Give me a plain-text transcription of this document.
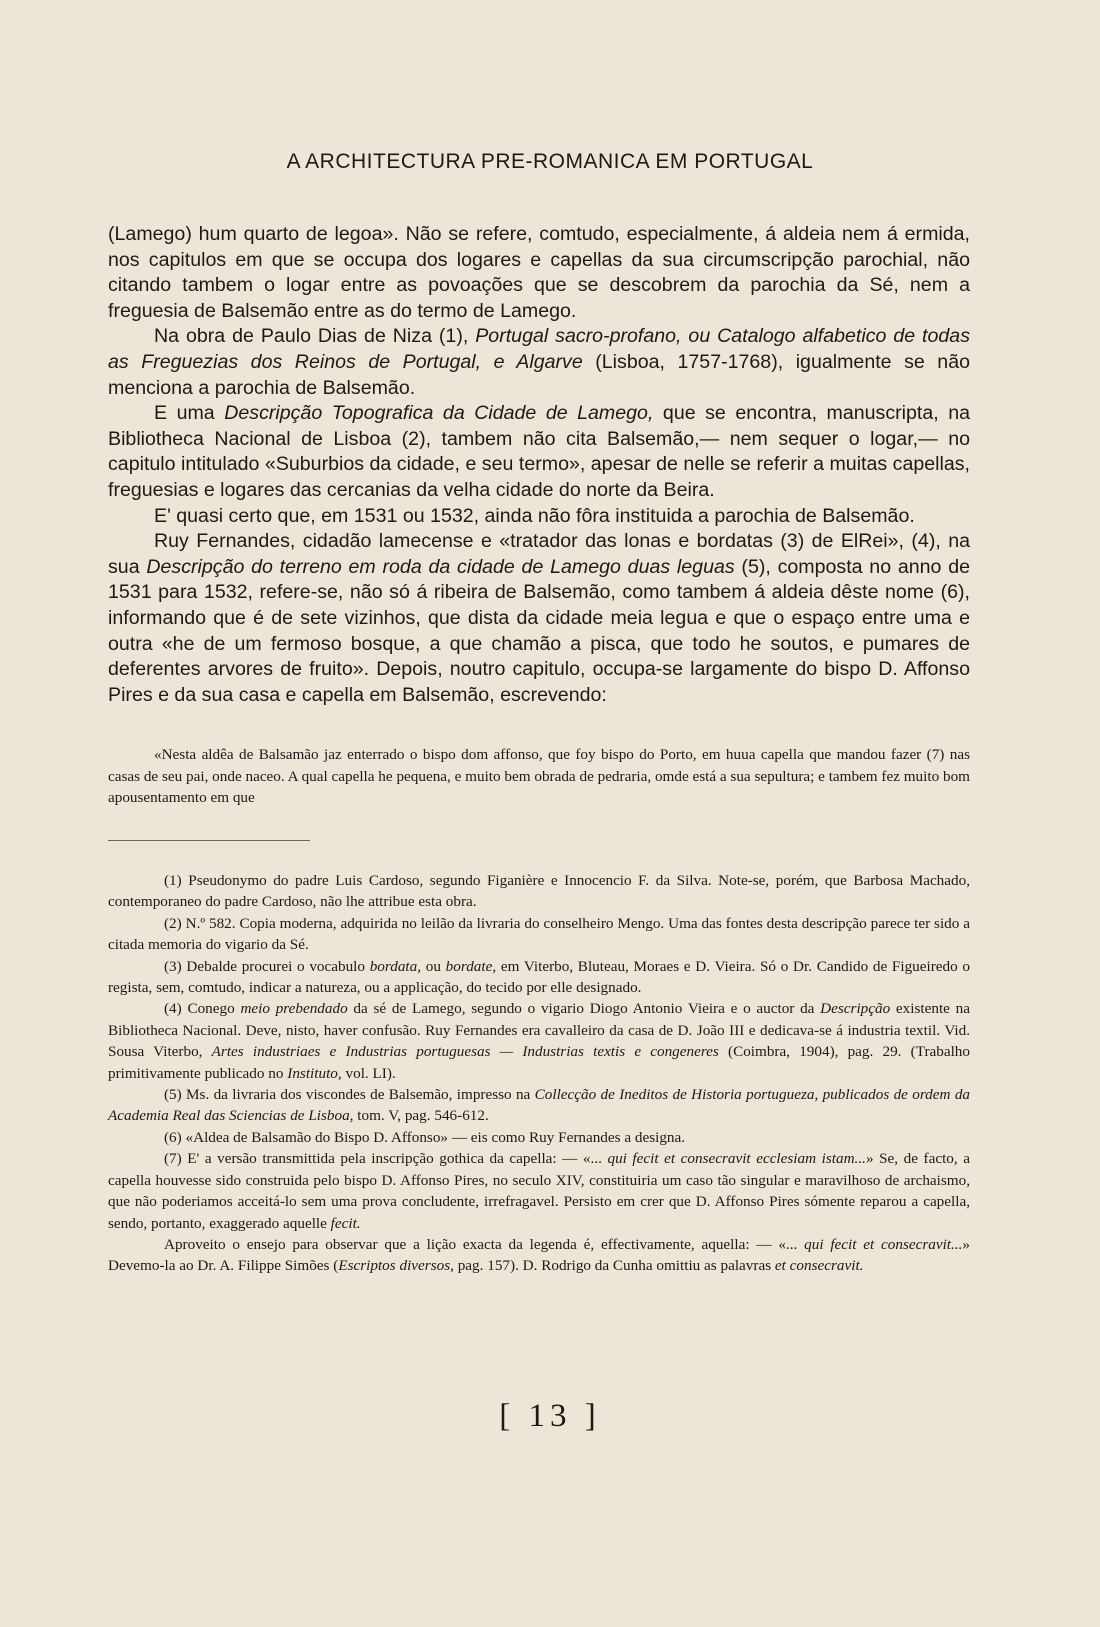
A ARCHITECTURA PRE-ROMANICA EM PORTUGAL

(Lamego) hum quarto de legoa». Não se refere, comtudo, especialmente, á aldeia nem á ermida, nos capitulos em que se occupa dos logares e capellas da sua circumscripção parochial, não citando tambem o logar entre as povoações que se descobrem da parochia da Sé, nem a freguesia de Balsemão entre as do termo de Lamego.

Na obra de Paulo Dias de Niza (1), Portugal sacro-profano, ou Catalogo alfabetico de todas as Freguezias dos Reinos de Portugal, e Algarve (Lisboa, 1757-1768), igualmente se não menciona a parochia de Balsemão.

E uma Descripção Topografica da Cidade de Lamego, que se encontra, manuscripta, na Bibliotheca Nacional de Lisboa (2), tambem não cita Balsemão,— nem sequer o logar,— no capitulo intitulado «Suburbios da cidade, e seu termo», apesar de nelle se referir a muitas capellas, freguesias e logares das cercanias da velha cidade do norte da Beira.

E' quasi certo que, em 1531 ou 1532, ainda não fôra instituida a parochia de Balsemão.

Ruy Fernandes, cidadão lamecense e «tratador das lonas e bordatas (3) de ElRei», (4), na sua Descripção do terreno em roda da cidade de Lamego duas leguas (5), composta no anno de 1531 para 1532, refere-se, não só á ribeira de Balsemão, como tambem á aldeia dêste nome (6), informando que é de sete vizinhos, que dista da cidade meia legua e que o espaço entre uma e outra «he de um fermoso bosque, a que chamão a pisca, que todo he soutos, e pumares de deferentes arvores de fruito». Depois, noutro capitulo, occupa-se largamente do bispo D. Affonso Pires e da sua casa e capella em Balsemão, escrevendo:

«Nesta aldêa de Balsamão jaz enterrado o bispo dom affonso, que foy bispo do Porto, em huua capella que mandou fazer (7) nas casas de seu pai, onde naceo. A qual capella he pequena, e muito bem obrada de pedraria, omde está a sua sepultura; e tambem fez muito bom apousentamento em que

(1) Pseudonymo do padre Luis Cardoso, segundo Figanière e Innocencio F. da Silva. Note-se, porém, que Barbosa Machado, contemporaneo do padre Cardoso, não lhe attribue esta obra.

(2) N.º 582. Copia moderna, adquirida no leilão da livraria do conselheiro Mengo. Uma das fontes desta descripção parece ter sido a citada memoria do vigario da Sé.

(3) Debalde procurei o vocabulo bordata, ou bordate, em Viterbo, Bluteau, Moraes e D. Vieira. Só o Dr. Candido de Figueiredo o regista, sem, comtudo, indicar a natureza, ou a applicação, do tecido por elle designado.

(4) Conego meio prebendado da sé de Lamego, segundo o vigario Diogo Antonio Vieira e o auctor da Descripção existente na Bibliotheca Nacional. Deve, nisto, haver confusão. Ruy Fernandes era cavalleiro da casa de D. João III e dedicava-se á industria textil. Vid. Sousa Viterbo, Artes industriaes e Industrias portuguesas — Industrias textis e congeneres (Coimbra, 1904), pag. 29. (Trabalho primitivamente publicado no Instituto, vol. LI).

(5) Ms. da livraria dos viscondes de Balsemão, impresso na Collecção de Ineditos de Historia portugueza, publicados de ordem da Academia Real das Sciencias de Lisboa, tom. V, pag. 546-612.

(6) «Aldea de Balsamão do Bispo D. Affonso» — eis como Ruy Fernandes a designa.

(7) E' a versão transmittida pela inscripção gothica da capella: — «... qui fecit et consecravit ecclesiam istam...» Se, de facto, a capella houvesse sido construida pelo bispo D. Affonso Pires, no seculo XIV, constituiria um caso tão singular e maravilhoso de archaismo, que não poderiamos acceitá-lo sem uma prova concludente, irrefragavel. Persisto em crer que D. Affonso Pires sómente reparou a capella, sendo, portanto, exaggerado aquelle fecit.

Aproveito o ensejo para observar que a lição exacta da legenda é, effectivamente, aquella: — «... qui fecit et consecravit...» Devemo-la ao Dr. A. Filippe Simões (Escriptos diversos, pag. 157). D. Rodrigo da Cunha omittiu as palavras et consecravit.

[ 13 ]
